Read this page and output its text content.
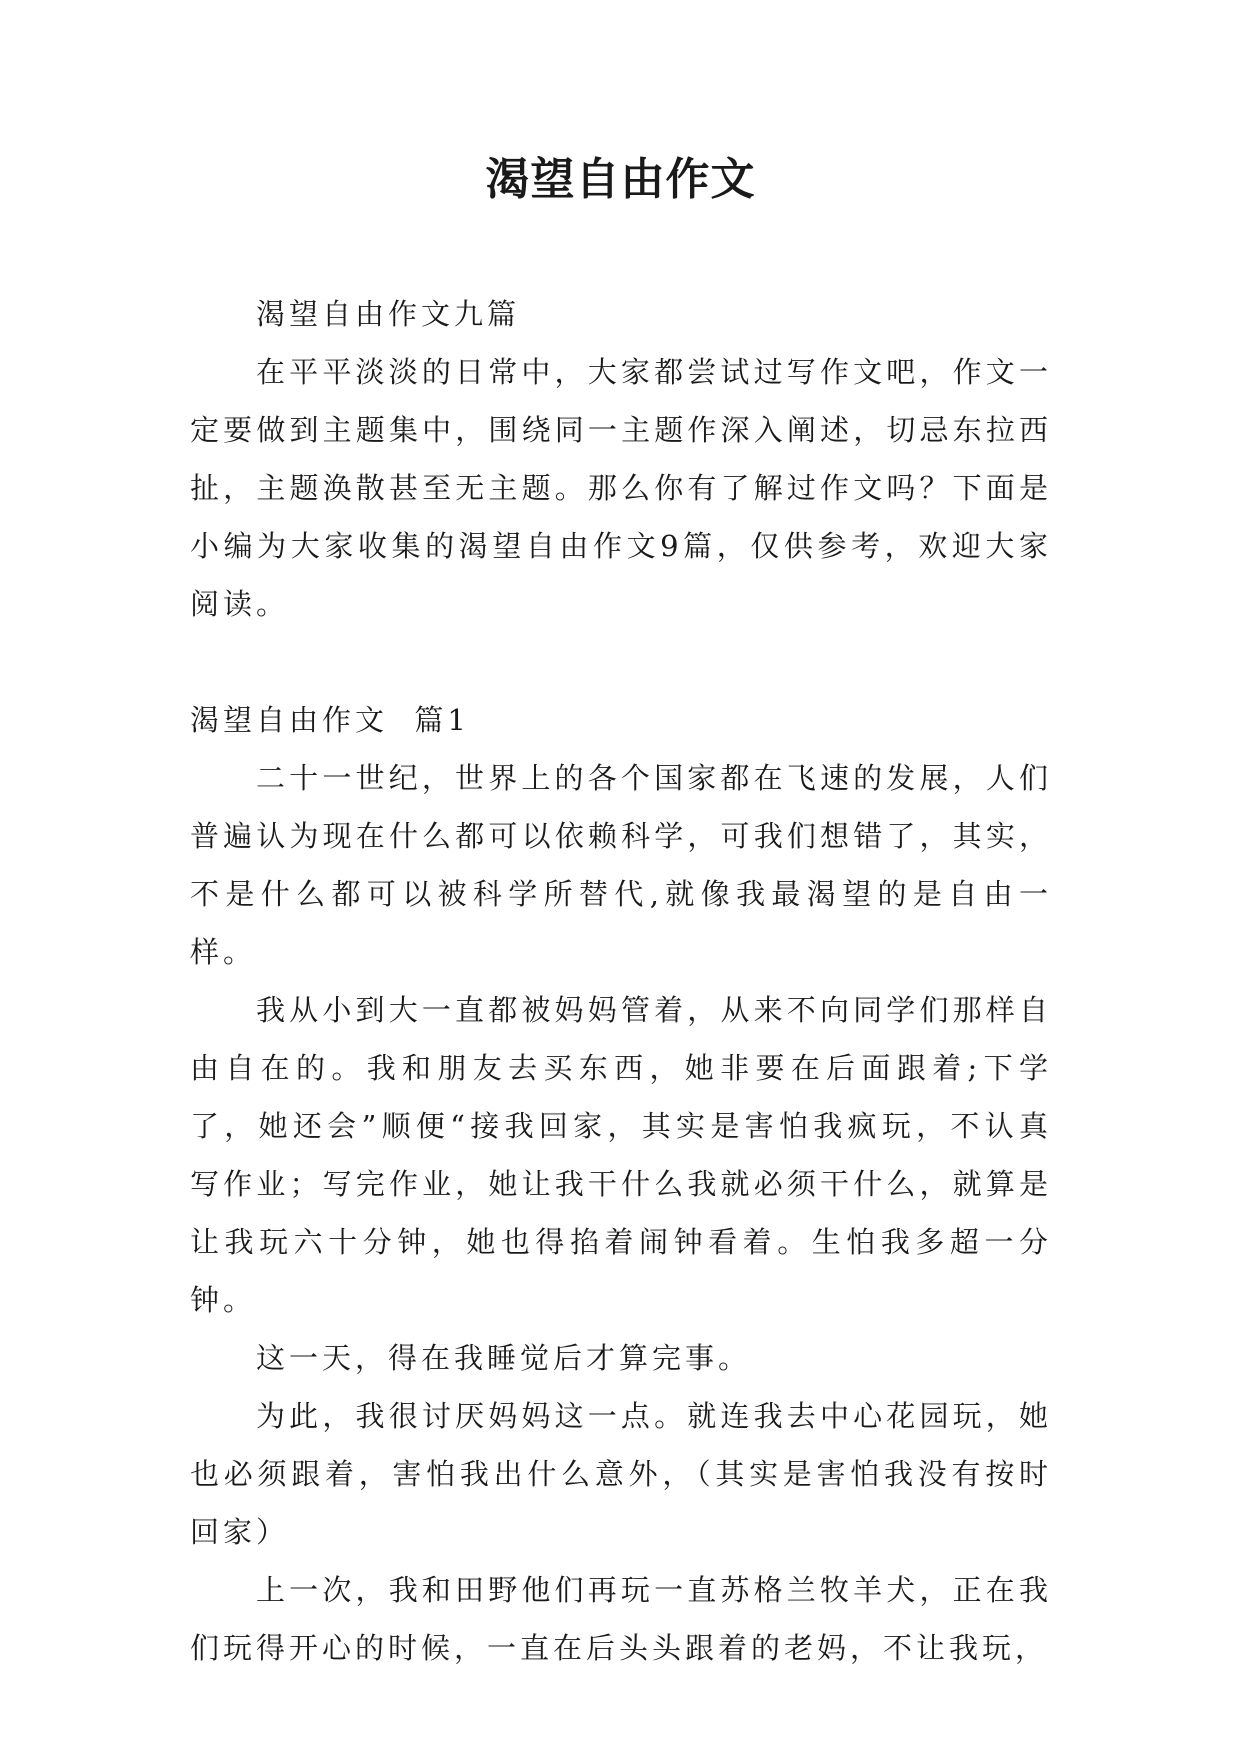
渴望自由作文

渴望自由作文九篇

在平平淡淡的日常中，大家都尝试过写作文吧，作文一定要做到主题集中，围绕同一主题作深入阐述，切忌东拉西扯，主题涣散甚至无主题。那么你有了解过作文吗？下面是小编为大家收集的渴望自由作文9篇，仅供参考，欢迎大家阅读。

渴望自由作文  篇1

二十一世纪，世界上的各个国家都在飞速的发展，人们普遍认为现在什么都可以依赖科学，可我们想错了，其实，不是什么都可以被科学所替代,就像我最渴望的是自由一样。

我从小到大一直都被妈妈管着，从来不向同学们那样自由自在的。我和朋友去买东西，她非要在后面跟着;下学了，她还会”顺便“接我回家，其实是害怕我疯玩，不认真写作业；写完作业，她让我干什么我就必须干什么，就算是让我玩六十分钟，她也得掐着闹钟看着。生怕我多超一分钟。

这一天，得在我睡觉后才算完事。

为此，我很讨厌妈妈这一点。就连我去中心花园玩，她也必须跟着，害怕我出什么意外，（其实是害怕我没有按时回家）

上一次，我和田野他们再玩一直苏格兰牧羊犬，正在我们玩得开心的时候，一直在后头头跟着的老妈，不让我玩，
